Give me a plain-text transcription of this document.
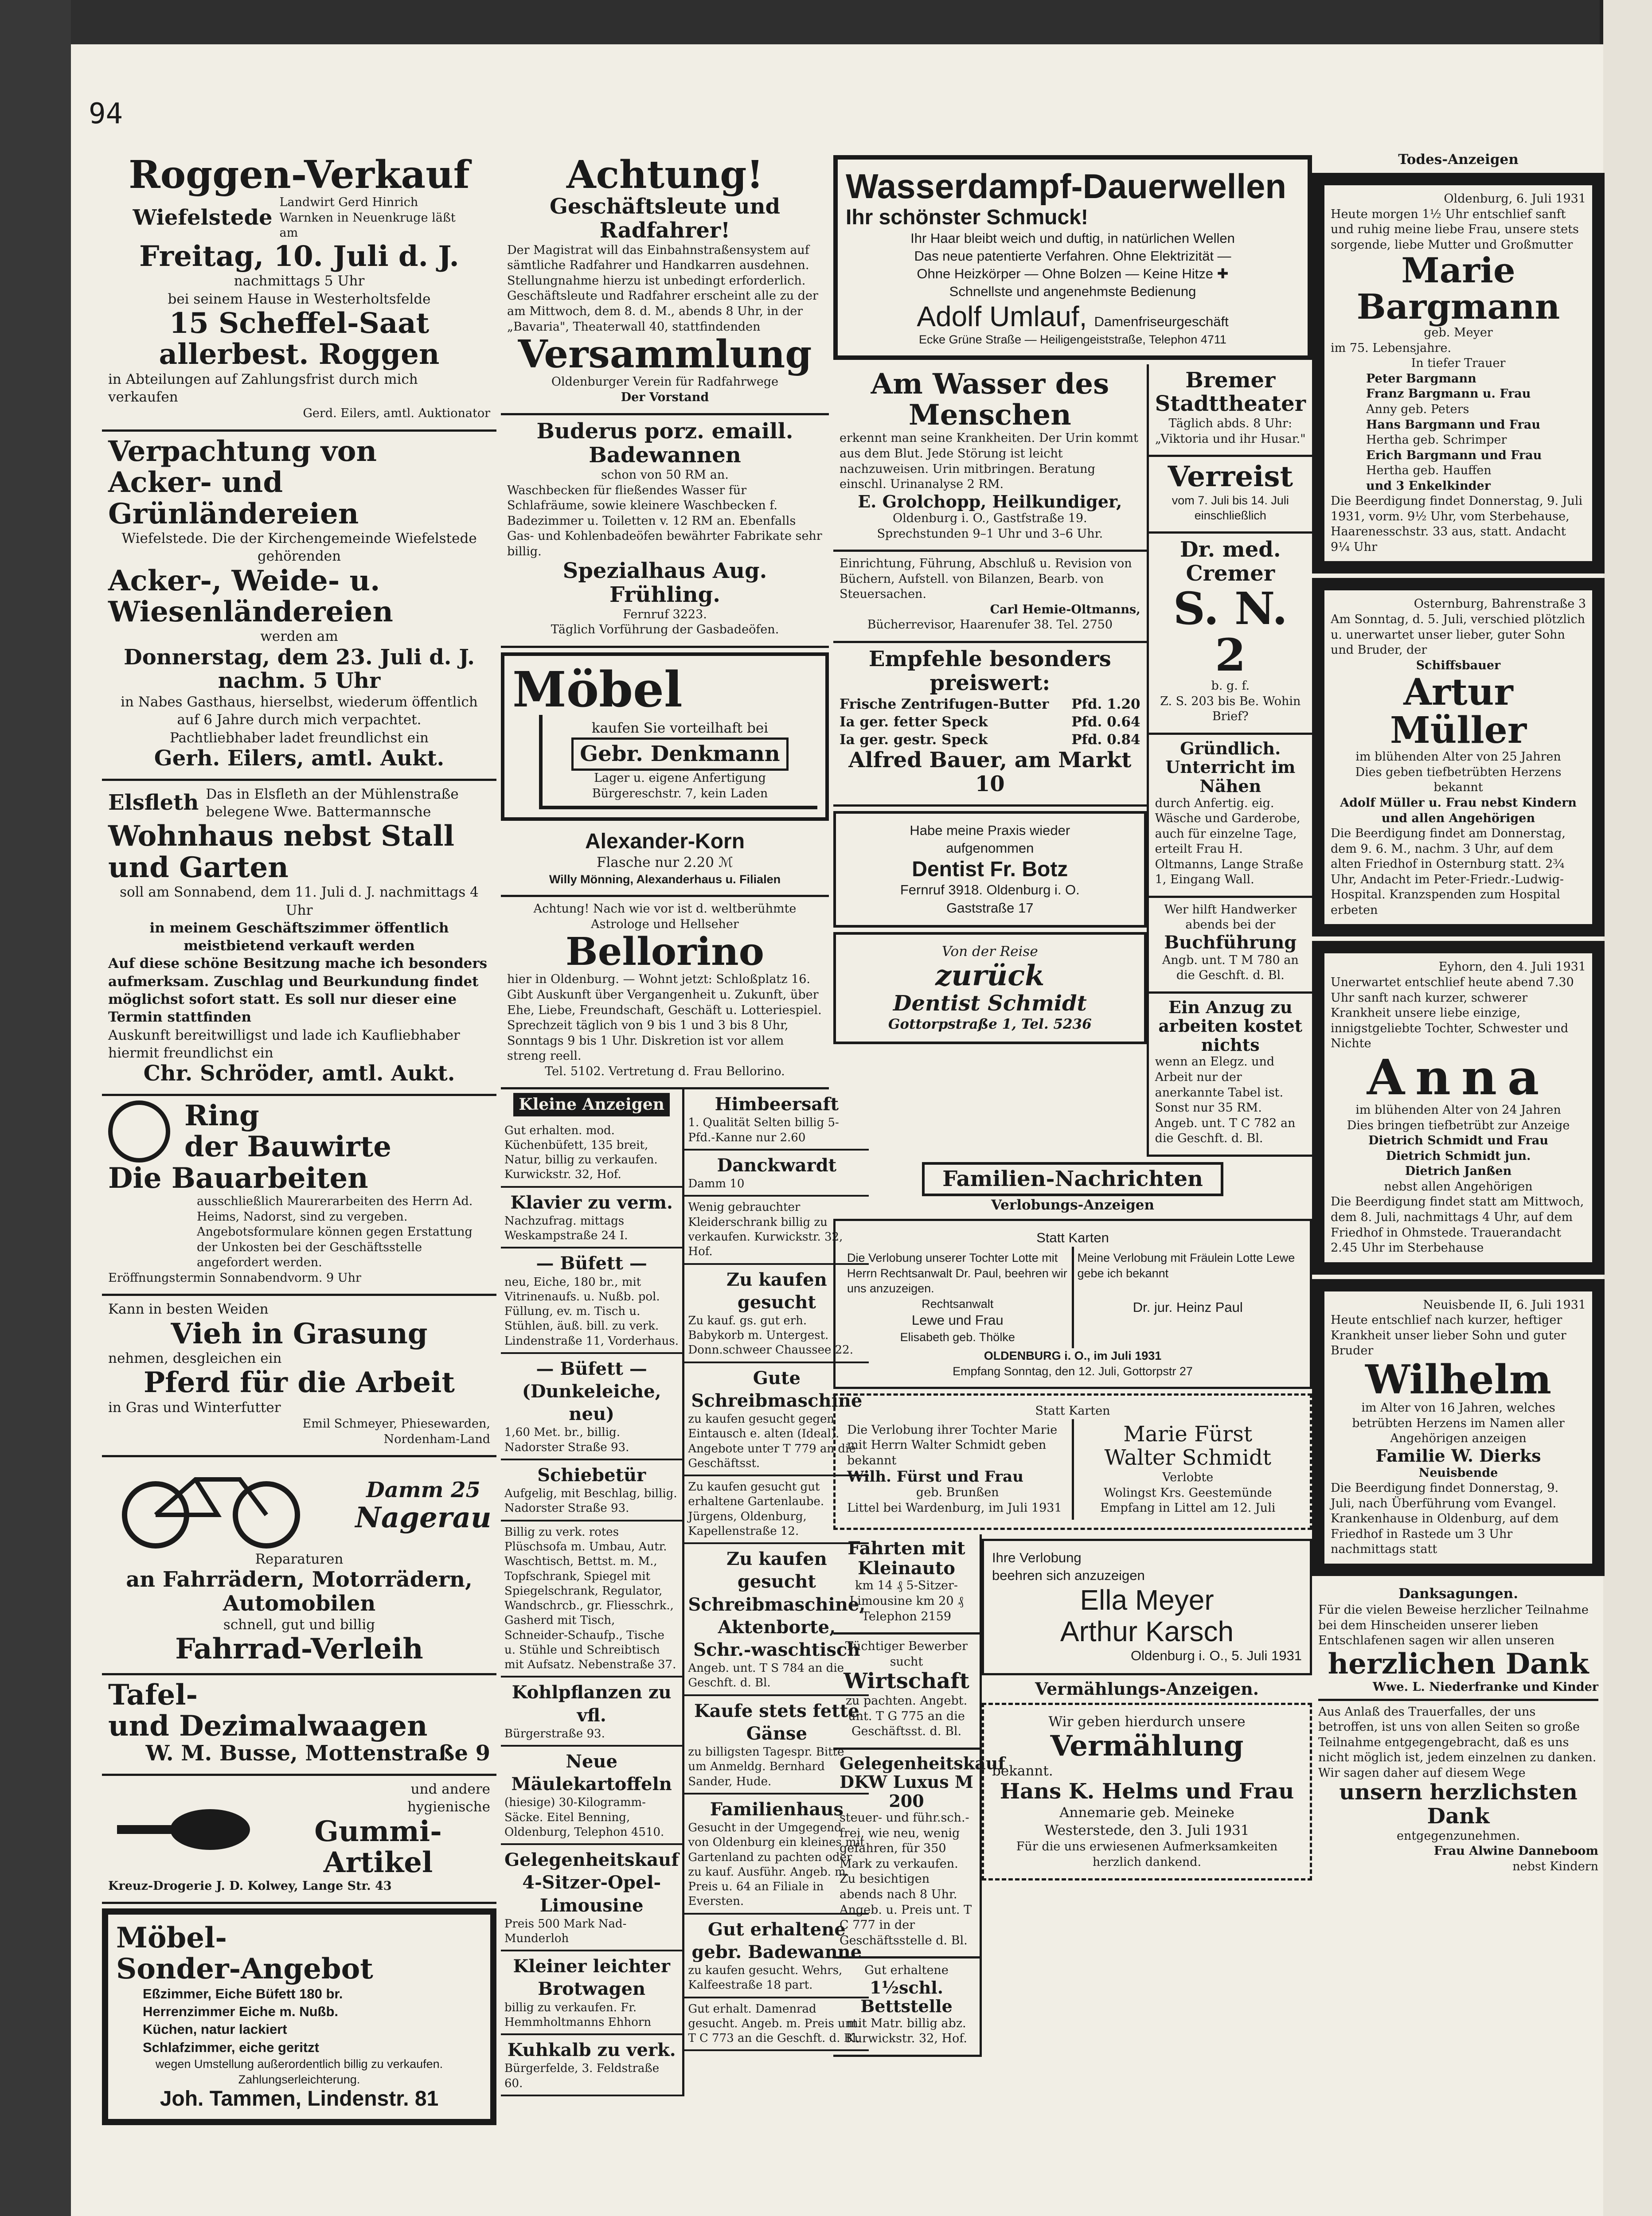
94
Roggen-Verkauf
Wiefelstede
Landwirt Gerd Hinrich Warnken in Neuenkruge läßt am
Freitag, 10. Juli d. J.
nachmittags 5 Uhr
bei seinem Hause in Westerholtsfelde
15 Scheffel-Saat
allerbest. Roggen
in Abteilungen auf Zahlungsfrist durch mich verkaufen
Gerd. Eilers, amtl. Auktionator
Verpachtung von
Acker- und Grünländereien
Wiefelstede. Die der Kirchengemeinde Wiefelstede gehörenden
Acker-, Weide- u. Wiesenländereien
werden am
Donnerstag, dem 23. Juli d. J.
nachm. 5 Uhr
in Nabes Gasthaus, hierselbst, wiederum öffentlich auf 6 Jahre durch mich verpachtet.
Pachtliebhaber ladet freundlichst ein
Gerh. Eilers, amtl. Aukt.
Elsfleth Das in Elsfleth an der Mühlenstraße belegene Wwe. Battermannsche
Wohnhaus nebst Stall und Garten
soll am Sonnabend, dem 11. Juli d. J. nachmittags 4 Uhr
in meinem Geschäftszimmer öffentlich meistbietend verkauft werden
Auf diese schöne Besitzung mache ich besonders aufmerksam. Zuschlag und Beurkundung findet möglichst sofort statt. Es soll nur dieser eine Termin stattfinden
Auskunft bereitwilligst und lade ich Kaufliebhaber hiermit freundlichst ein
Chr. Schröder, amtl. Aukt.
Ring
der Bauwirte
Die Bauarbeiten
ausschließlich Maurerarbeiten des Herrn Ad. Heims, Nadorst, sind zu vergeben. Angebotsformulare können gegen Erstattung der Unkosten bei der Geschäftsstelle angefordert werden.
Eröffnungstermin Sonnabendvorm. 9 Uhr
Kann in besten Weiden
Vieh in Grasung
nehmen, desgleichen ein
Pferd für die Arbeit
in Gras und Winterfutter
Emil Schmeyer, Phiesewarden,
Nordenham-Land
Damm 25
Nagerau
Reparaturen
an Fahrrädern, Motorrädern, Automobilen
schnell, gut und billig
Fahrrad-Verleih
Tafel-
und Dezimalwaagen
W. M. Busse, Mottenstraße 9
und andere
hygienische
Gummi-Artikel
Kreuz-Drogerie J. D. Kolwey, Lange Str. 43
Möbel-
Sonder-Angebot
Eßzimmer, Eiche Büfett 180 br.
Herrenzimmer Eiche m. Nußb.
Küchen, natur lackiert
Schlafzimmer, eiche geritzt
wegen Umstellung außerordentlich billig zu verkaufen. Zahlungserleichterung.
Joh. Tammen, Lindenstr. 81
Achtung!
Geschäftsleute und Radfahrer!
Der Magistrat will das Einbahnstraßensystem auf sämtliche Radfahrer und Handkarren ausdehnen. Stellungnahme hierzu ist unbedingt erforderlich. Geschäftsleute und Radfahrer erscheint alle zu der am Mittwoch, dem 8. d. M., abends 8 Uhr, in der „Bavaria", Theaterwall 40, stattfindenden
Versammlung
Oldenburger Verein für Radfahrwege
Der Vorstand
Buderus porz. emaill. Badewannen
schon von 50 RM an.
Waschbecken für fließendes Wasser für Schlafräume, sowie kleinere Waschbecken f. Badezimmer u. Toiletten v. 12 RM an. Ebenfalls Gas- und Kohlenbadeöfen bewährter Fabrikate sehr billig.
Spezialhaus Aug. Frühling.
Fernruf 3223.
Täglich Vorführung der Gasbadeöfen.
Möbel
kaufen Sie vorteilhaft bei
Gebr. Denkmann
Lager u. eigene Anfertigung
Bürgereschstr. 7, kein Laden
Alexander-Korn
Flasche nur 2.20 ℳ
Willy Mönning, Alexanderhaus u. Filialen
Achtung! Nach wie vor ist d. weltberühmte Astrologe und Hellseher
Bellorino
hier in Oldenburg. — Wohnt jetzt: Schloßplatz 16. Gibt Auskunft über Vergangenheit u. Zukunft, über Ehe, Liebe, Freundschaft, Geschäft u. Lotteriespiel. Sprechzeit täglich von 9 bis 1 und 3 bis 8 Uhr, Sonntags 9 bis 1 Uhr. Diskretion ist vor allem streng reell.
Tel. 5102. Vertretung d. Frau Bellorino.
Kleine Anzeigen
Gut erhalten. mod. Küchenbüfett, 135 breit, Natur, billig zu verkaufen. Kurwickstr. 32, Hof.
Klavier zu verm.
Nachzufrag. mittags Weskampstraße 24 I.
— Büfett —
neu, Eiche, 180 br., mit Vitrinenaufs. u. Nußb. pol. Füllung, ev. m. Tisch u. Stühlen, äuß. bill. zu verk. Lindenstraße 11, Vorderhaus.
— Büfett — (Dunkeleiche, neu)
1,60 Met. br., billig. Nadorster Straße 93.
Schiebetür
Aufgelig, mit Beschlag, billig. Nadorster Straße 93.
Billig zu verk. rotes Plüschsofa m. Umbau, Autr. Waschtisch, Bettst. m. M., Topfschrank, Spiegel mit Spiegelschrank, Regulator, Wandschrcb., gr. Fliesschrk., Gasherd mit Tisch, Schneider-Schaufp., Tische u. Stühle und Schreibtisch mit Aufsatz. Nebenstraße 37.
Kohlpflanzen zu vfl.
Bürgerstraße 93.
Neue Mäulekartoffeln
(hiesige) 30-Kilogramm-Säcke. Eitel Benning, Oldenburg, Telephon 4510.
Gelegenheitskauf 4-Sitzer-Opel-Limousine
Preis 500 Mark Nad-Munderloh
Kleiner leichter Brotwagen
billig zu verkaufen. Fr. Hemmholtmanns Ehhorn
Kuhkalb zu verk.
Bürgerfelde, 3. Feldstraße 60.
Himbeersaft
1. Qualität Selten billig 5-Pfd.-Kanne nur 2.60
Danckwardt
Damm 10
Wenig gebrauchter Kleiderschrank billig zu verkaufen. Kurwickstr. 32, Hof.
Zu kaufen gesucht
Zu kauf. gs. gut erh. Babykorb m. Untergest. Donn.schweer Chaussee 22.
Gute Schreibmaschine
zu kaufen gesucht gegen Eintausch e. alten (Ideal). Angebote unter T 779 an die Geschäftsst.
Zu kaufen gesucht gut erhaltene Gartenlaube. Jürgens, Oldenburg, Kapellenstraße 12.
Zu kaufen gesucht Schreibmaschine, Aktenborte, Schr.-waschtisch
Angeb. unt. T S 784 an die Geschft. d. Bl.
Kaufe stets fette Gänse
zu billigsten Tagespr. Bitte um Anmeldg. Bernhard Sander, Hude.
Familienhaus
Gesucht in der Umgegend von Oldenburg ein kleines mit Gartenland zu pachten oder zu kauf. Ausführ. Angeb. m. Preis u. 64 an Filiale in Eversten.
Gut erhaltene gebr. Badewanne
zu kaufen gesucht. Wehrs, Kalfeestraße 18 part.
Gut erhalt. Damenrad gesucht. Angeb. m. Preis unt. T C 773 an die Geschft. d. Bl.
Wasserdampf-Dauerwellen
Ihr schönster Schmuck!
Ihr Haar bleibt weich und duftig, in natürlichen Wellen
Das neue patentierte Verfahren. Ohne Elektrizität —
Ohne Heizkörper — Ohne Bolzen — Keine Hitze ✚
Schnellste und angenehmste Bedienung
Adolf Umlauf, Damenfriseurgeschäft
Ecke Grüne Straße — Heiligengeiststraße, Telephon 4711
Am Wasser des Menschen
erkennt man seine Krankheiten. Der Urin kommt aus dem Blut. Jede Störung ist leicht nachzuweisen. Urin mitbringen. Beratung einschl. Urinanalyse 2 RM.
E. Grolchopp, Heilkundiger,
Oldenburg i. O., Gastfstraße 19.
Sprechstunden 9–1 Uhr und 3–6 Uhr.
Einrichtung, Führung, Abschluß u. Revision von Büchern, Aufstell. von Bilanzen, Bearb. von Steuersachen.
Carl Hemie-Oltmanns,
Bücherrevisor, Haarenufer 38. Tel. 2750
Empfehle besonders preiswert:
Frische Zentrifugen-Butter Pfd. 1.20
Ia ger. fetter Speck	Pfd. 0.64
Ia ger. gestr. Speck	Pfd. 0.84
Alfred Bauer, am Markt 10
Habe meine Praxis wieder
aufgenommen
Dentist Fr. Botz
Fernruf 3918. Oldenburg i. O.
Gaststraße 17
Von der Reise
zurück
Dentist Schmidt
Gottorpstraße 1, Tel. 5236
Bremer
Stadttheater
Täglich abds. 8 Uhr: „Viktoria und ihr Husar."
Verreist
vom 7. Juli bis 14. Juli einschließlich
Dr. med. Cremer
S. N. 2
b. g. f.
Z. S. 203 bis Be. Wohin Brief?
Gründlich. Unterricht im Nähen
durch Anfertig. eig. Wäsche und Garderobe, auch für einzelne Tage, erteilt Frau H. Oltmanns, Lange Straße 1, Eingang Wall.
Wer hilft Handwerker abends bei der
Buchführung
Angb. unt. T M 780 an die Geschft. d. Bl.
Ein Anzug zu arbeiten kostet nichts
wenn an Elegz. und Arbeit nur der anerkannte Tabel ist. Sonst nur 35 RM. Angeb. unt. T C 782 an die Geschft. d. Bl.
Familien-Nachrichten
Verlobungs-Anzeigen
Statt Karten
Die Verlobung unserer Tochter Lotte mit Herrn Rechtsanwalt Dr. Paul, beehren wir uns anzuzeigen.
Rechtsanwalt
Lewe und Frau
Elisabeth geb. Thölke
Meine Verlobung mit Fräulein Lotte Lewe gebe ich bekannt
Dr. jur. Heinz Paul
OLDENBURG i. O., im Juli 1931
Empfang Sonntag, den 12. Juli, Gottorpstr 27
Statt Karten
Die Verlobung ihrer Tochter Marie mit Herrn Walter Schmidt geben bekannt
Wilh. Fürst und Frau
geb. Brunßen
Littel bei Wardenburg, im Juli 1931
Marie Fürst
Walter Schmidt
Verlobte
Wolingst Krs. Geestemünde Empfang in Littel am 12. Juli
Fahrten mit Kleinauto
km 14 ₰ 5-Sitzer-Limousine km 20 ₰ Telephon 2159
Tüchtiger Bewerber sucht
Wirtschaft
zu pachten. Angebt. unt. T G 775 an die Geschäftsst. d. Bl.
Gelegenheitskauf DKW Luxus M 200
steuer- und führ.sch.-frei, wie neu, wenig gefahren, für 350 Mark zu verkaufen. Zu besichtigen abends nach 8 Uhr. Angeb. u. Preis unt. T C 777 in der Geschäftsstelle d. Bl.
Gut erhaltene
1½schl. Bettstelle
mit Matr. billig abz. Kurwickstr. 32, Hof.
Ihre Verlobung
beehren sich anzuzeigen
Ella Meyer
Arthur Karsch
Oldenburg i. O., 5. Juli 1931
Vermählungs-Anzeigen.
Wir geben hierdurch unsere
Vermählung
bekannt.
Hans K. Helms und Frau
Annemarie geb. Meineke
Westerstede, den 3. Juli 1931
Für die uns erwiesenen Aufmerksamkeiten herzlich dankend.
Todes-Anzeigen
Oldenburg, 6. Juli 1931
Heute morgen 1½ Uhr entschlief sanft und ruhig meine liebe Frau, unsere stets sorgende, liebe Mutter und Großmutter
Marie Bargmann
geb. Meyer
im 75. Lebensjahre.
In tiefer Trauer
Peter Bargmann
Franz Bargmann u. Frau
Anny geb. Peters
Hans Bargmann und Frau
Hertha geb. Schrimper
Erich Bargmann und Frau
Hertha geb. Hauffen
und 3 Enkelkinder
Die Beerdigung findet Donnerstag, 9. Juli 1931, vorm. 9½ Uhr, vom Sterbehause, Haarenesschstr. 33 aus, statt. Andacht 9¼ Uhr
Osternburg, Bahrenstraße 3
Am Sonntag, d. 5. Juli, verschied plötzlich u. unerwartet unser lieber, guter Sohn und Bruder, der
Schiffsbauer
Artur Müller
im blühenden Alter von 25 Jahren
Dies geben tiefbetrübten Herzens bekannt
Adolf Müller u. Frau nebst Kindern und allen Angehörigen
Die Beerdigung findet am Donnerstag, dem 9. 6. M., nachm. 3 Uhr, auf dem alten Friedhof in Osternburg statt. 2¾ Uhr, Andacht im Peter-Friedr.-Ludwig-Hospital. Kranzspenden zum Hospital erbeten
Eyhorn, den 4. Juli 1931
Unerwartet entschlief heute abend 7.30 Uhr sanft nach kurzer, schwerer Krankheit unsere liebe einzige, innigstgeliebte Tochter, Schwester und Nichte
Anna
im blühenden Alter von 24 Jahren
Dies bringen tiefbetrübt zur Anzeige
Dietrich Schmidt und Frau
Dietrich Schmidt jun.
Dietrich Janßen
nebst allen Angehörigen
Die Beerdigung findet statt am Mittwoch, dem 8. Juli, nachmittags 4 Uhr, auf dem Friedhof in Ohmstede. Trauerandacht 2.45 Uhr im Sterbehause
Neuisbende II, 6. Juli 1931
Heute entschlief nach kurzer, heftiger Krankheit unser lieber Sohn und guter Bruder
Wilhelm
im Alter von 16 Jahren, welches betrübten Herzens im Namen aller Angehörigen anzeigen
Familie W. Dierks
Neuisbende
Die Beerdigung findet Donnerstag, 9. Juli, nach Überführung vom Evangel. Krankenhause in Oldenburg, auf dem Friedhof in Rastede um 3 Uhr nachmittags statt
Danksagungen.
Für die vielen Beweise herzlicher Teilnahme bei dem Hinscheiden unserer lieben Entschlafenen sagen wir allen unseren
herzlichen Dank
Wwe. L. Niederfranke und Kinder
Aus Anlaß des Trauerfalles, der uns betroffen, ist uns von allen Seiten so große Teilnahme entgegengebracht, daß es uns nicht möglich ist, jedem einzelnen zu danken. Wir sagen daher auf diesem Wege
unsern herzlichsten Dank
entgegenzunehmen.
Frau Alwine Danneboom
nebst Kindern
